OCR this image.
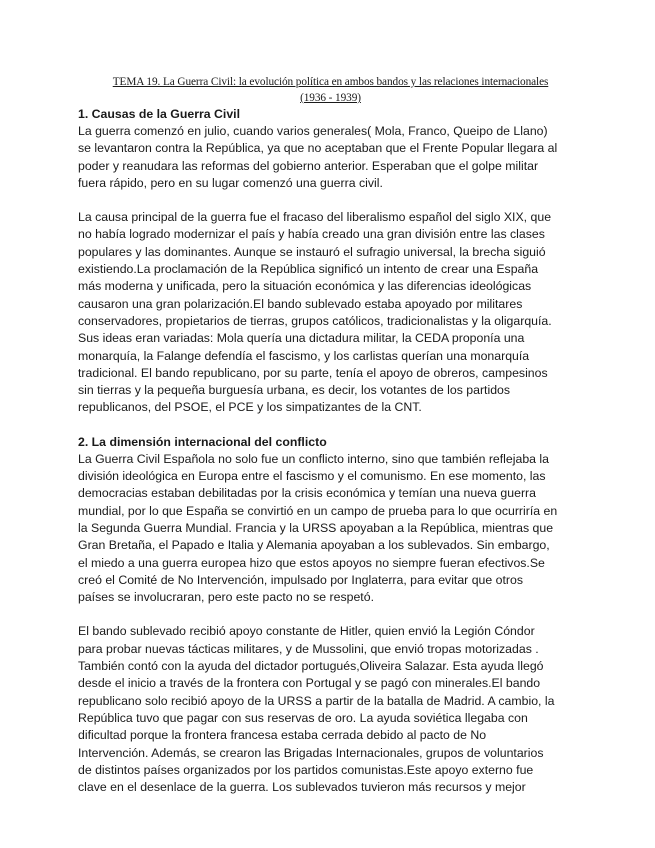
TEMA 19. La Guerra Civil: la evolución política en ambos bandos y las relaciones internacionales
(1936 - 1939)
1. Causas de la Guerra Civil

La guerra comenzó en julio, cuando varios generales( Mola, Franco, Queipo de Llano)
se levantaron contra la República, ya que no aceptaban que el Frente Popular llegara al
poder y reanudara las reformas del gobierno anterior. Esperaban que el golpe militar
fuera rápido, pero en su lugar comenzó una guerra civil.

La causa principal de la guerra fue el fracaso del liberalismo español del siglo XIX, que
no había logrado modernizar el país y había creado una gran división entre las clases
populares y las dominantes. Aunque se instauró el sufragio universal, la brecha siguió
existiendo.La proclamación de la República significó un intento de crear una España
más moderna y unificada, pero la situación económica y las diferencias ideológicas
causaron una gran polarización.El bando sublevado estaba apoyado por militares
conservadores, propietarios de tierras, grupos católicos, tradicionalistas y la oligarquía.
Sus ideas eran variadas: Mola quería una dictadura militar, la CEDA proponía una
monarquía, la Falange defendía el fascismo, y los carlistas querían una monarquía
tradicional. El bando republicano, por su parte, tenía el apoyo de obreros, campesinos
sin tierras y la pequeña burguesía urbana, es decir, los votantes de los partidos
republicanos, del PSOE, el PCE y los simpatizantes de la CNT.

2. La dimensión internacional del conflicto

La Guerra Civil Española no solo fue un conflicto interno, sino que también reflejaba la
división ideológica en Europa entre el fascismo y el comunismo. En ese momento, las
democracias estaban debilitadas por la crisis económica y temían una nueva guerra
mundial, por lo que España se convirtió en un campo de prueba para lo que ocurriría en
la Segunda Guerra Mundial. Francia y la URSS apoyaban a la República, mientras que
Gran Bretaña, el Papado e Italia y Alemania apoyaban a los sublevados. Sin embargo,
el miedo a una guerra europea hizo que estos apoyos no siempre fueran efectivos.Se
creó el Comité de No Intervención, impulsado por Inglaterra, para evitar que otros
países se involucraran, pero este pacto no se respetó.

El bando sublevado recibió apoyo constante de Hitler, quien envió la Legión Cóndor
para probar nuevas tácticas militares, y de Mussolini, que envió tropas motorizadas .
También contó con la ayuda del dictador portugués,Oliveira Salazar. Esta ayuda llegó
desde el inicio a través de la frontera con Portugal y se pagó con minerales.El bando
republicano solo recibió apoyo de la URSS a partir de la batalla de Madrid. A cambio, la
República tuvo que pagar con sus reservas de oro. La ayuda soviética llegaba con
dificultad porque la frontera francesa estaba cerrada debido al pacto de No
Intervención. Además, se crearon las Brigadas Internacionales, grupos de voluntarios
de distintos países organizados por los partidos comunistas.Este apoyo externo fue
clave en el desenlace de la guerra. Los sublevados tuvieron más recursos y mejor
